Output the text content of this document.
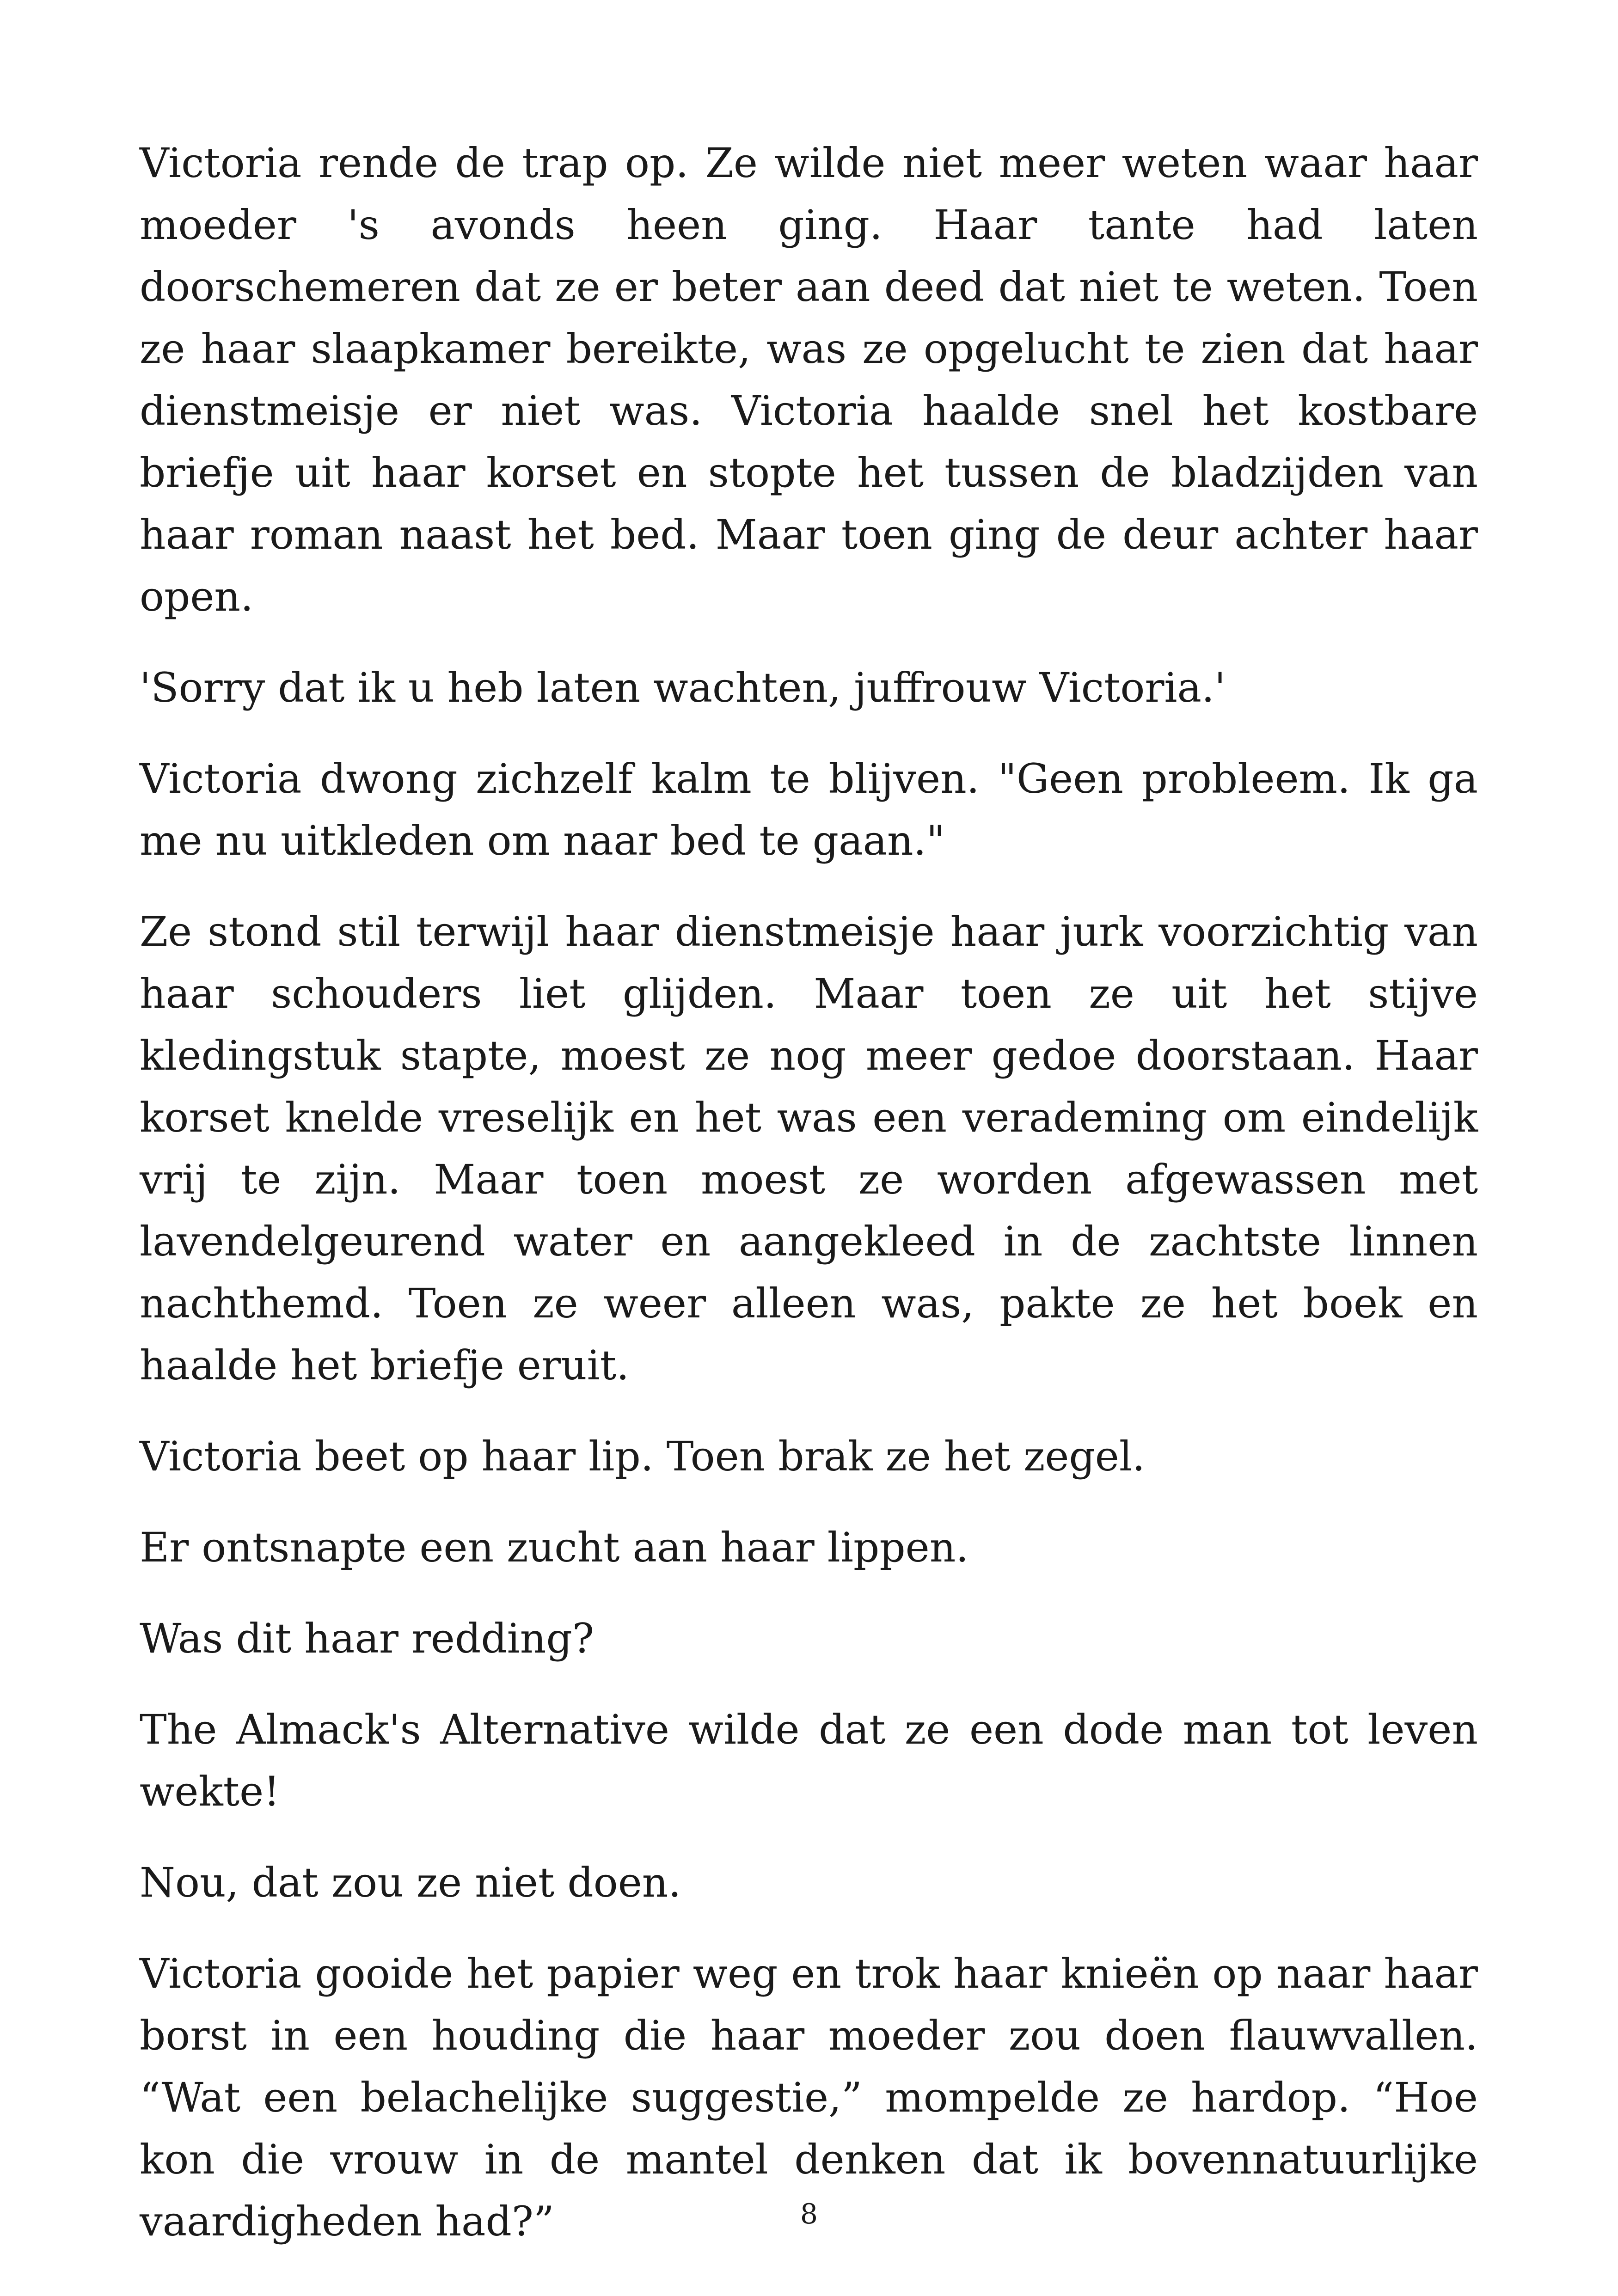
Victoria rende de trap op. Ze wilde niet meer weten waar haar moeder 's avonds heen ging. Haar tante had laten doorschemeren dat ze er beter aan deed dat niet te weten. Toen ze haar slaapkamer bereikte, was ze opgelucht te zien dat haar dienstmeisje er niet was. Victoria haalde snel het kostbare briefje uit haar korset en stopte het tussen de bladzijden van haar roman naast het bed. Maar toen ging de deur achter haar open.

'Sorry dat ik u heb laten wachten, juffrouw Victoria.'

Victoria dwong zichzelf kalm te blijven. "Geen probleem. Ik ga me nu uitkleden om naar bed te gaan."

Ze stond stil terwijl haar dienstmeisje haar jurk voorzichtig van haar schouders liet glijden. Maar toen ze uit het stijve kledingstuk stapte, moest ze nog meer gedoe doorstaan. Haar korset knelde vreselijk en het was een verademing om eindelijk vrij te zijn. Maar toen moest ze worden afgewassen met lavendelgeurend water en aangekleed in de zachtste linnen nachthemd. Toen ze weer alleen was, pakte ze het boek en haalde het briefje eruit.

Victoria beet op haar lip. Toen brak ze het zegel.

Er ontsnapte een zucht aan haar lippen.

Was dit haar redding?

The Almack's Alternative wilde dat ze een dode man tot leven wekte!

Nou, dat zou ze niet doen.

Victoria gooide het papier weg en trok haar knieën op naar haar borst in een houding die haar moeder zou doen flauwvallen. “Wat een belachelijke suggestie,” mompelde ze hardop. “Hoe kon die vrouw in de mantel denken dat ik bovennatuurlijke vaardigheden had?”	8
